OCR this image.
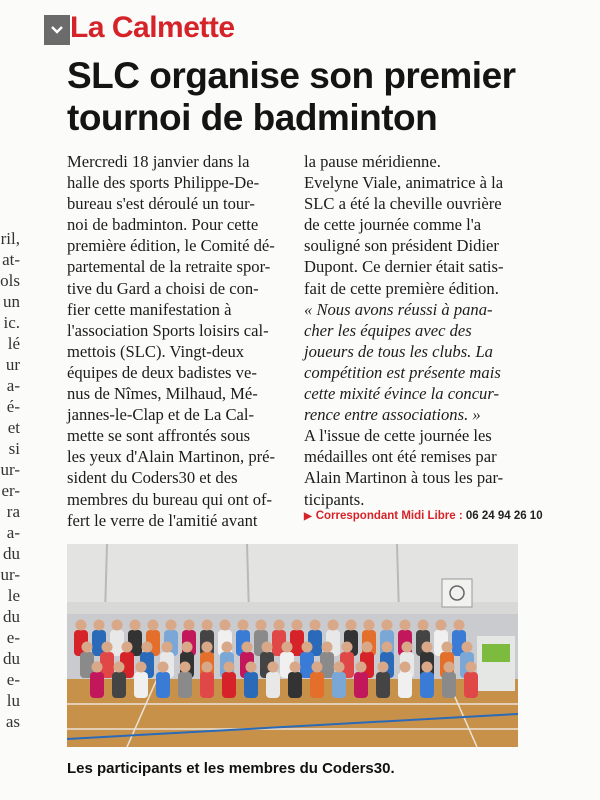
ril,
at-
ols
un
ic.
lé
ur
a-
é-
et
si
ur-
er-
ra
a-
du
ur-
le
du
e-
du
e-
lu
as
La Calmette
SLC organise son premier
tournoi de badminton
Mercredi 18 janvier dans la
halle des sports Philippe-De-
bureau s'est déroulé un tour-
noi de badminton. Pour cette
première édition, le Comité dé-
partemental de la retraite spor-
tive du Gard a choisi de con-
fier cette manifestation à
l'association Sports loisirs cal-
mettois (SLC). Vingt-deux
équipes de deux badistes ve-
nus de Nîmes, Milhaud, Mé-
jannes-le-Clap et de La Cal-
mette se sont affrontés sous
les yeux d'Alain Martinon, pré-
sident du Coders30 et des
membres du bureau qui ont of-
fert le verre de l'amitié avant
la pause méridienne.
Evelyne Viale, animatrice à la
SLC a été la cheville ouvrière
de cette journée comme l'a
souligné son président Didier
Dupont. Ce dernier était satis-
fait de cette première édition.
« Nous avons réussi à pana-
cher les équipes avec des
joueurs de tous les clubs. La
compétition est présente mais
cette mixité évince la concur-
rence entre associations. »
A l'issue de cette journée les
médailles ont été remises par
Alain Martinon à tous les par-
ticipants.
▶ Correspondant Midi Libre : 06 24 94 26 10
Les participants et les membres du Coders30.
